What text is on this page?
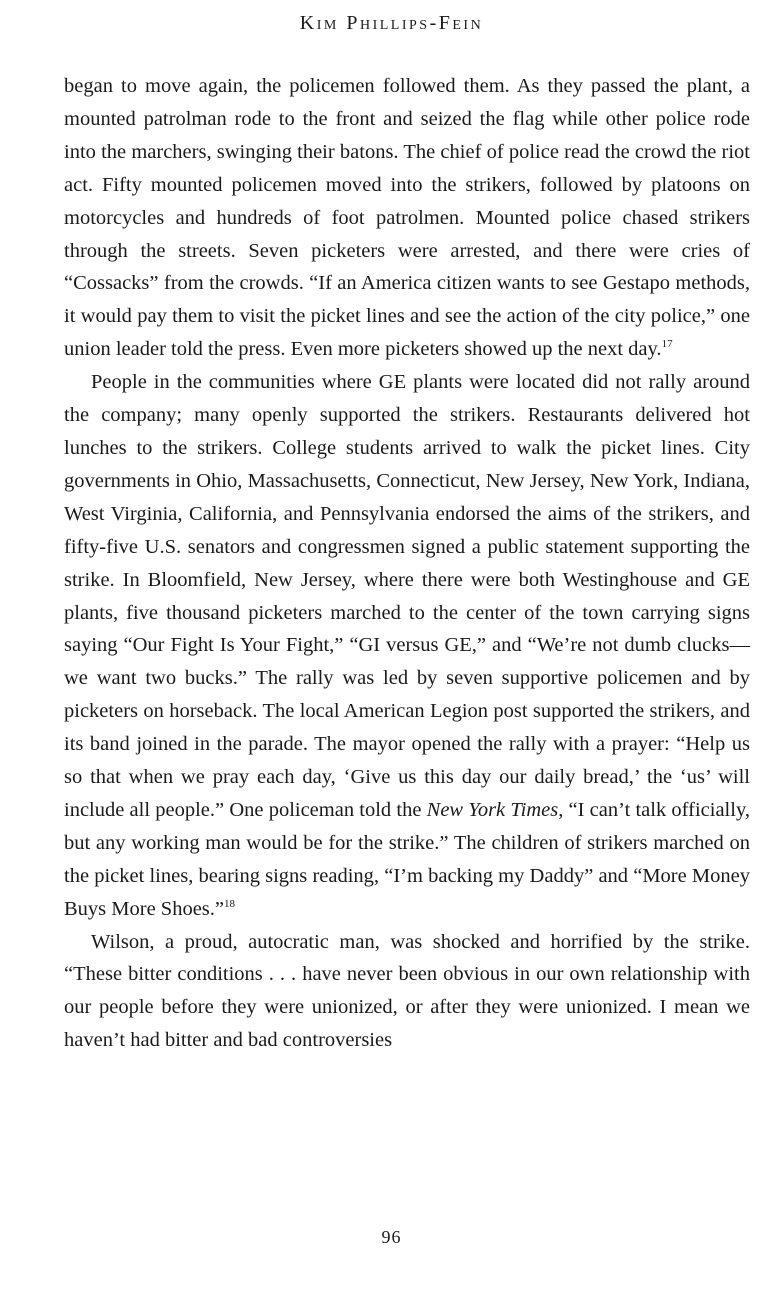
Kim Phillips-Fein

began to move again, the policemen followed them. As they passed the plant, a mounted patrolman rode to the front and seized the flag while other police rode into the marchers, swinging their batons. The chief of police read the crowd the riot act. Fifty mounted policemen moved into the strikers, followed by platoons on motorcycles and hundreds of foot patrolmen. Mounted police chased strikers through the streets. Seven picketers were arrested, and there were cries of “Cossacks” from the crowds. “If an America citizen wants to see Gestapo methods, it would pay them to visit the picket lines and see the action of the city police,” one union leader told the press. Even more picketers showed up the next day.$^{17}$

People in the communities where GE plants were located did not rally around the company; many openly supported the strikers. Restaurants delivered hot lunches to the strikers. College students arrived to walk the picket lines. City governments in Ohio, Massachusetts, Connecticut, New Jersey, New York, Indiana, West Virginia, California, and Pennsylvania endorsed the aims of the strikers, and fifty-five U.S. senators and congressmen signed a public statement supporting the strike. In Bloomfield, New Jersey, where there were both Westinghouse and GE plants, five thousand picketers marched to the center of the town carrying signs saying “Our Fight Is Your Fight,” “GI versus GE,” and “We’re not dumb clucks—we want two bucks.” The rally was led by seven supportive policemen and by picketers on horseback. The local American Legion post supported the strikers, and its band joined in the parade. The mayor opened the rally with a prayer: “Help us so that when we pray each day, ‘Give us this day our daily bread,’ the ‘us’ will include all people.” One policeman told the New York Times, “I can’t talk officially, but any working man would be for the strike.” The children of strikers marched on the picket lines, bearing signs reading, “I’m backing my Daddy” and “More Money Buys More Shoes.”$^{18}$

Wilson, a proud, autocratic man, was shocked and horrified by the strike. “These bitter conditions . . . have never been obvious in our own relationship with our people before they were unionized, or after they were unionized. I mean we haven’t had bitter and bad controversies

96
